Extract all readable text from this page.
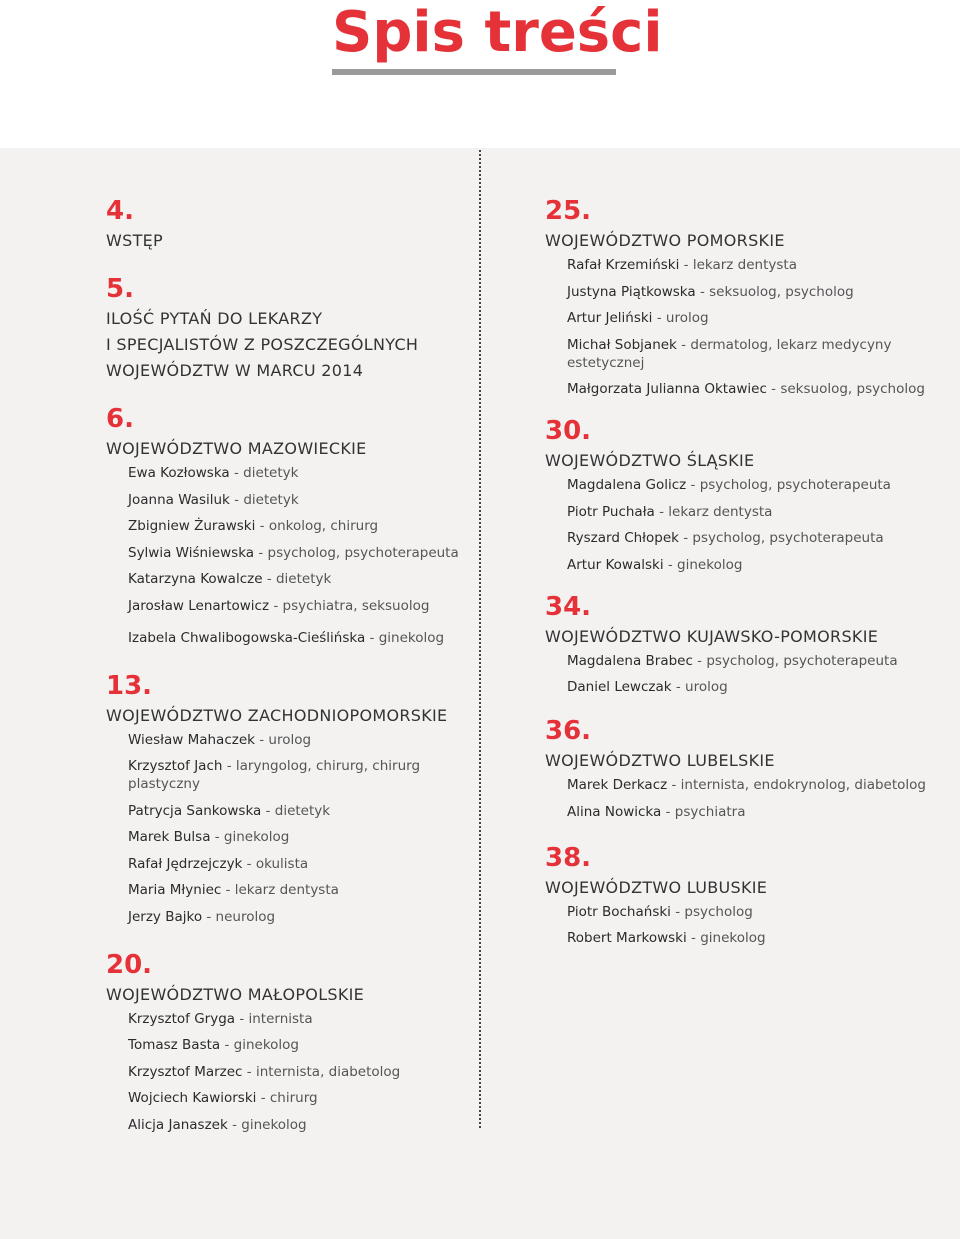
Spis treści
4.
WSTĘP
5.
ILOŚĆ PYTAŃ DO LEKARZY
I SPECJALISTÓW Z POSZCZEGÓLNYCH
WOJEWÓDZTW W MARCU 2014
6.
WOJEWÓDZTWO MAZOWIECKIE
Ewa Kozłowska - dietetyk
Joanna Wasiluk - dietetyk
Zbigniew Żurawski - onkolog, chirurg
Sylwia Wiśniewska - psycholog, psychoterapeuta
Katarzyna Kowalcze - dietetyk
Jarosław Lenartowicz - psychiatra, seksuolog
Izabela Chwalibogowska-Cieślińska - ginekolog
13.
WOJEWÓDZTWO ZACHODNIOPOMORSKIE
Wiesław Mahaczek - urolog
Krzysztof Jach - laryngolog, chirurg, chirurg plastyczny
Patrycja Sankowska - dietetyk
Marek Bulsa - ginekolog
Rafał Jędrzejczyk - okulista
Maria Młyniec - lekarz dentysta
Jerzy Bajko - neurolog
20.
WOJEWÓDZTWO MAŁOPOLSKIE
Krzysztof Gryga - internista
Tomasz Basta - ginekolog
Krzysztof Marzec - internista, diabetolog
Wojciech Kawiorski - chirurg
Alicja Janaszek - ginekolog
25.
WOJEWÓDZTWO POMORSKIE
Rafał Krzemiński - lekarz dentysta
Justyna Piątkowska - seksuolog, psycholog
Artur Jeliński - urolog
Michał Sobjanek - dermatolog, lekarz medycyny estetycznej
Małgorzata Julianna Oktawiec - seksuolog, psycholog
30.
WOJEWÓDZTWO ŚLĄSKIE
Magdalena Golicz - psycholog, psychoterapeuta
Piotr Puchała - lekarz dentysta
Ryszard Chłopek - psycholog, psychoterapeuta
Artur Kowalski - ginekolog
34.
WOJEWÓDZTWO KUJAWSKO-POMORSKIE
Magdalena Brabec - psycholog, psychoterapeuta
Daniel Lewczak - urolog
36.
WOJEWÓDZTWO LUBELSKIE
Marek Derkacz - internista, endokrynolog, diabetolog
Alina Nowicka - psychiatra
38.
WOJEWÓDZTWO LUBUSKIE
Piotr Bochański - psycholog
Robert Markowski - ginekolog
